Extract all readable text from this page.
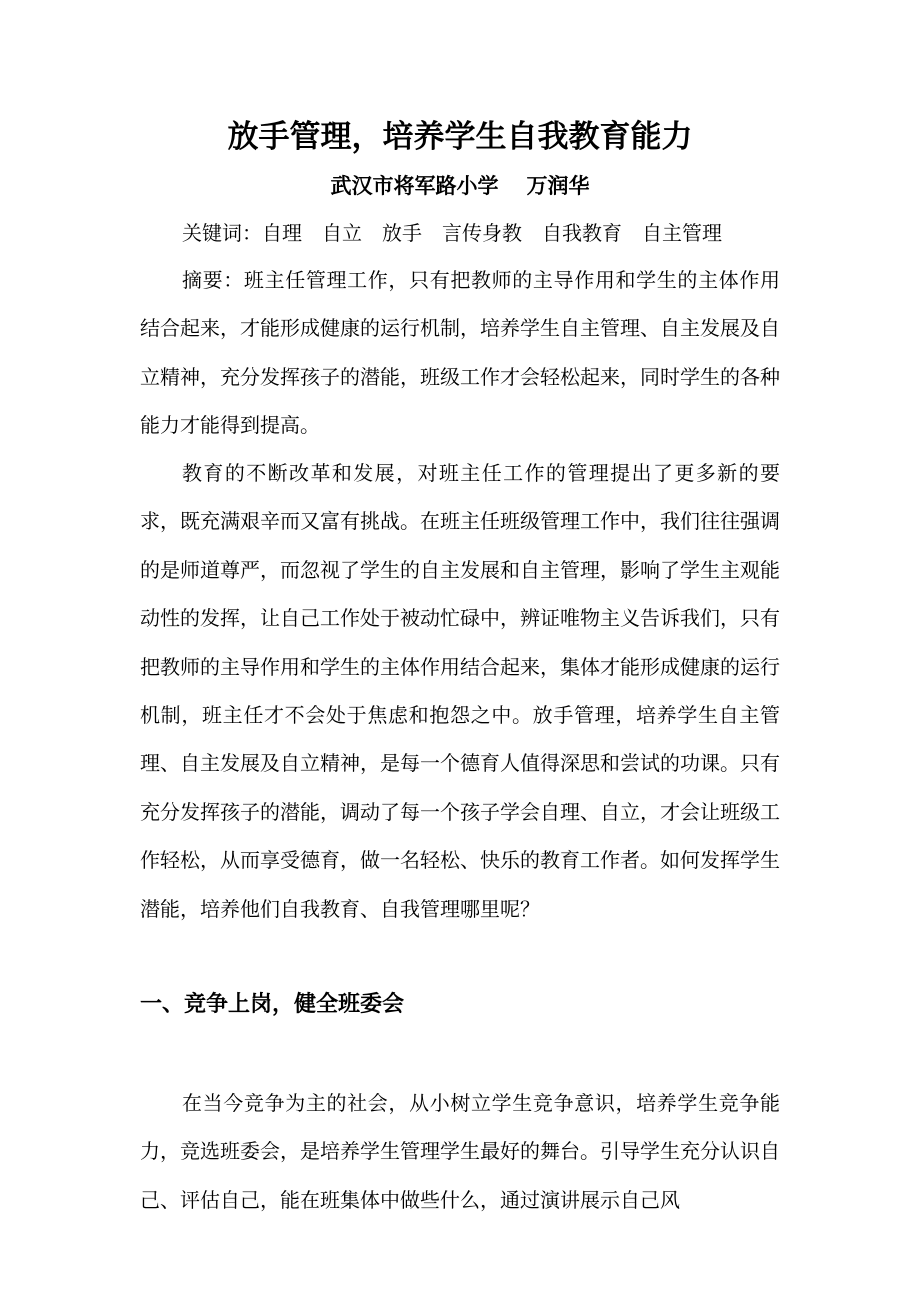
放手管理，培养学生自我教育能力
武汉市将军路小学 万润华
关键词：自理 自立 放手 言传身教 自我教育 自主管理

摘要：班主任管理工作，只有把教师的主导作用和学生的主体作用结合起来，才能形成健康的运行机制，培养学生自主管理、自主发展及自立精神，充分发挥孩子的潜能，班级工作才会轻松起来，同时学生的各种能力才能得到提高。

教育的不断改革和发展，对班主任工作的管理提出了更多新的要求，既充满艰辛而又富有挑战。在班主任班级管理工作中，我们往往强调的是师道尊严，而忽视了学生的自主发展和自主管理，影响了学生主观能动性的发挥，让自己工作处于被动忙碌中，辨证唯物主义告诉我们，只有把教师的主导作用和学生的主体作用结合起来，集体才能形成健康的运行机制，班主任才不会处于焦虑和抱怨之中。放手管理，培养学生自主管理、自主发展及自立精神，是每一个德育人值得深思和尝试的功课。只有充分发挥孩子的潜能，调动了每一个孩子学会自理、自立，才会让班级工作轻松，从而享受德育，做一名轻松、快乐的教育工作者。如何发挥学生潜能，培养他们自我教育、自我管理哪里呢？

一、竞争上岗，健全班委会

在当今竞争为主的社会，从小树立学生竞争意识，培养学生竞争能力，竞选班委会，是培养学生管理学生最好的舞台。引导学生充分认识自己、评估自己，能在班集体中做些什么，通过演讲展示自己风
